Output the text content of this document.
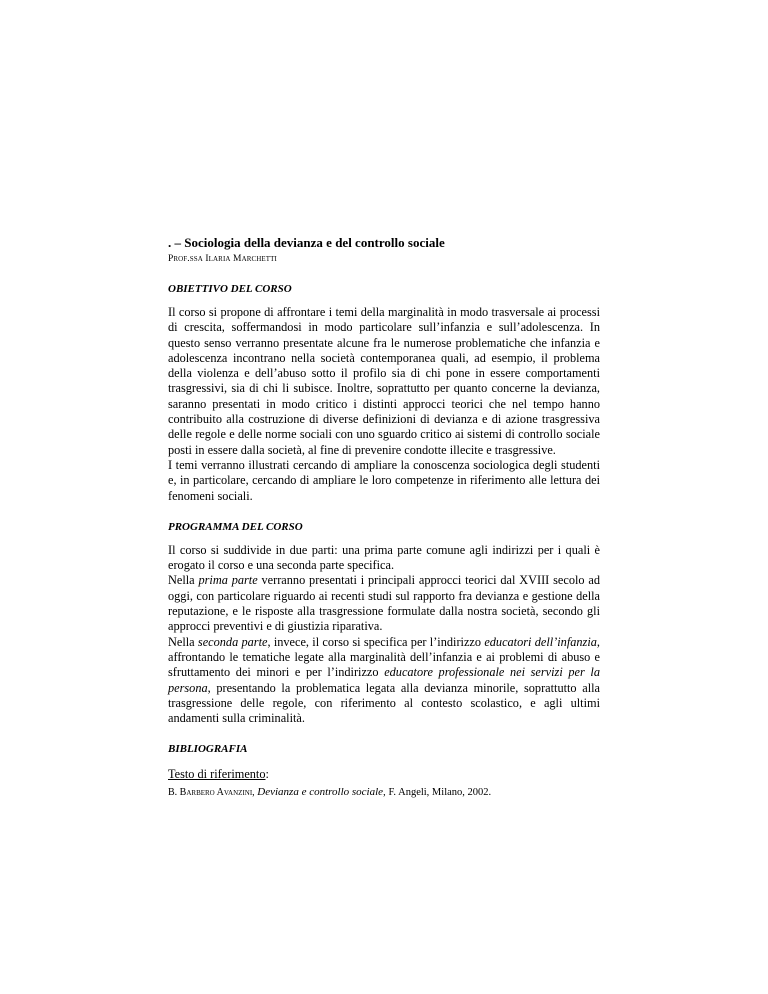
. – Sociologia della devianza e del controllo sociale

Prof.ssa Ilaria Marchetti

OBIETTIVO DEL CORSO

Il corso si propone di affrontare i temi della marginalità in modo trasversale ai processi di crescita, soffermandosi in modo particolare sull’infanzia e sull’adolescenza. In questo senso verranno presentate alcune fra le numerose problematiche che infanzia e adolescenza incontrano nella società contemporanea quali, ad esempio, il problema della violenza e dell’abuso sotto il profilo sia di chi pone in essere comportamenti trasgressivi, sia di chi li subisce. Inoltre, soprattutto per quanto concerne la devianza, saranno presentati in modo critico i distinti approcci teorici che nel tempo hanno contribuito alla costruzione di diverse definizioni di devianza e di azione trasgressiva delle regole e delle norme sociali con uno sguardo critico ai sistemi di controllo sociale posti in essere dalla società, al fine di prevenire condotte illecite e trasgressive.

I temi verranno illustrati cercando di ampliare la conoscenza sociologica degli studenti e, in particolare, cercando di ampliare le loro competenze in riferimento alle lettura dei fenomeni sociali.

PROGRAMMA DEL CORSO

Il corso si suddivide in due parti: una prima parte comune agli indirizzi per i quali è erogato il corso e una seconda parte specifica.

Nella prima parte verranno presentati i principali approcci teorici dal XVIII secolo ad oggi, con particolare riguardo ai recenti studi sul rapporto fra devianza e gestione della reputazione, e le risposte alla trasgressione formulate dalla nostra società, secondo gli approcci preventivi e di giustizia riparativa.

Nella seconda parte, invece, il corso si specifica per l’indirizzo educatori dell’infanzia, affrontando le tematiche legate alla marginalità dell’infanzia e ai problemi di abuso e sfruttamento dei minori e per l’indirizzo educatore professionale nei servizi per la persona, presentando la problematica legata alla devianza minorile, soprattutto alla trasgressione delle regole, con riferimento al contesto scolastico, e agli ultimi andamenti sulla criminalità.

BIBLIOGRAFIA

Testo di riferimento:

B. Barbero Avanzini, Devianza e controllo sociale, F. Angeli, Milano, 2002.
